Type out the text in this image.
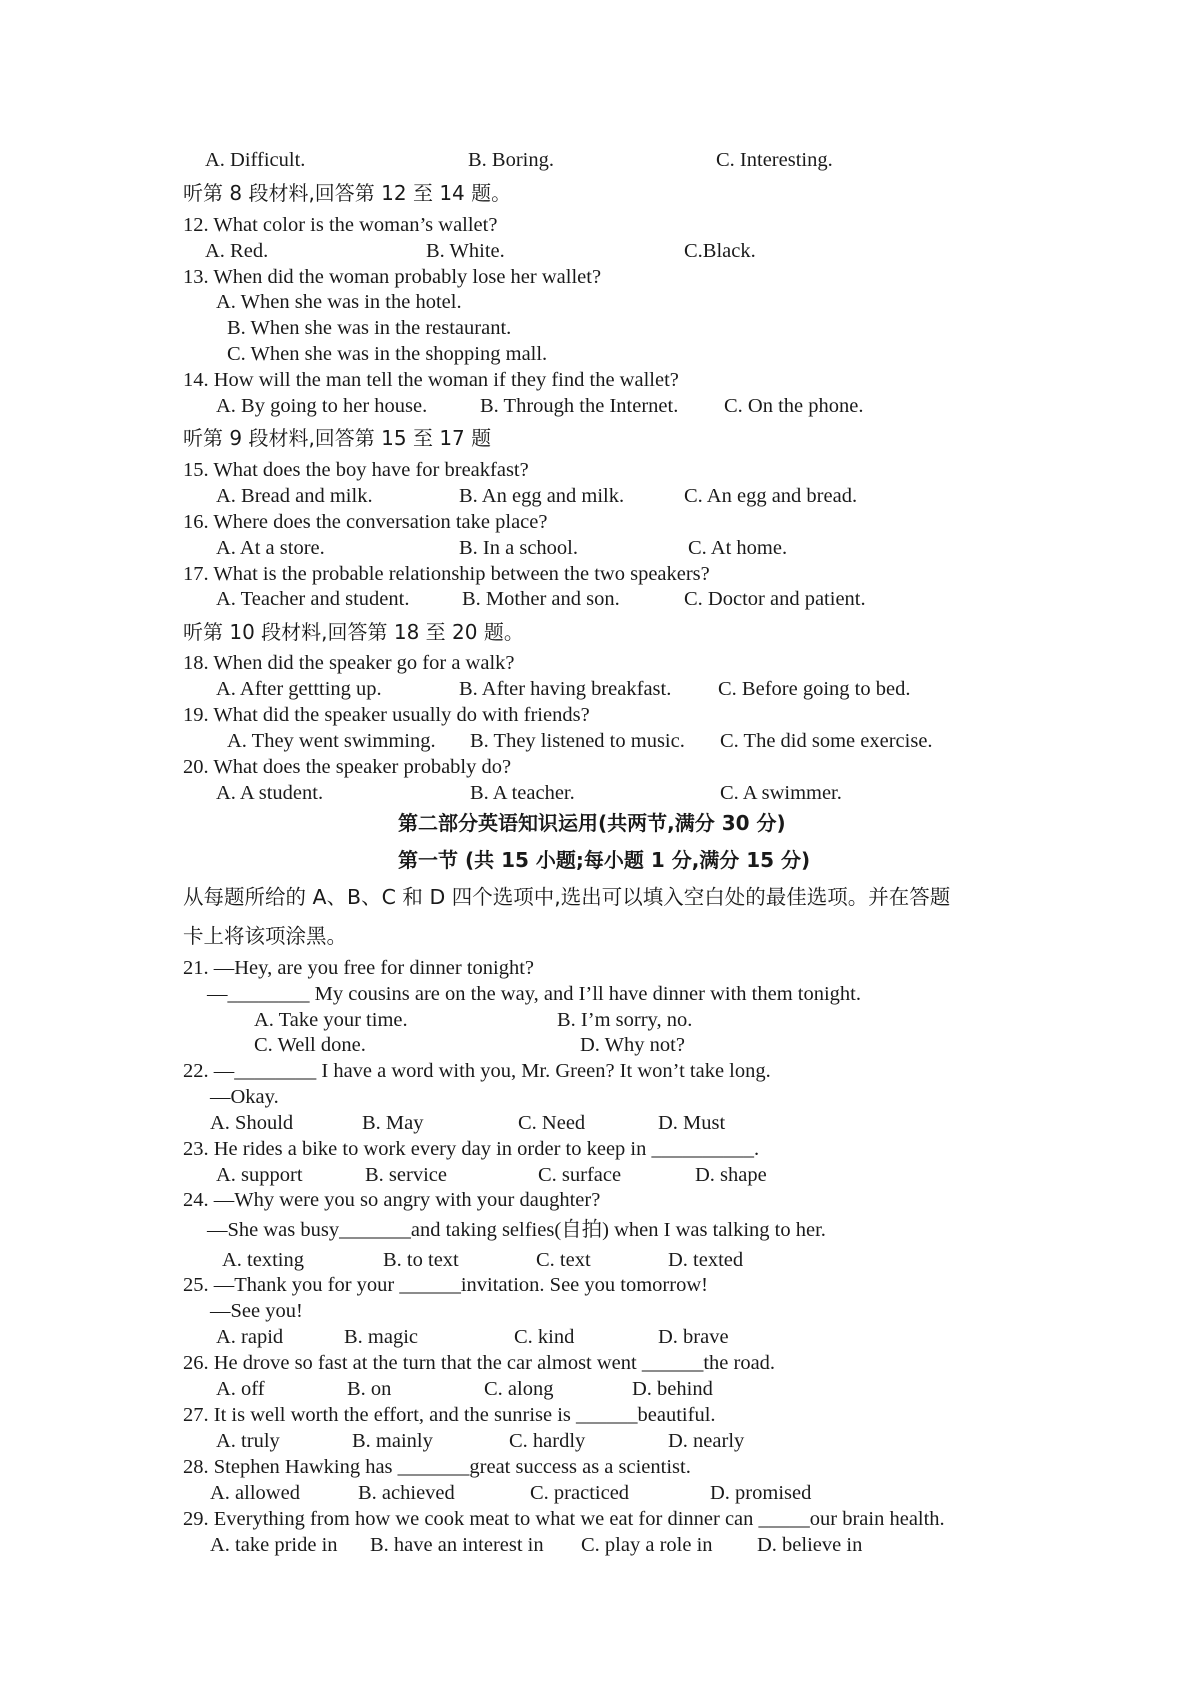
A. Difficult.	B. Boring.	C. Interesting.
听第 8 段材料,回答第 12 至 14 题。
12. What color is the woman’s wallet?
A. Red.	B. White.	C.Black.
13. When did the woman probably lose her wallet?
A. When she was in the hotel.
B. When she was in the restaurant.
C. When she was in the shopping mall.
14. How will the man tell the woman if they find the wallet?
A. By going to her house.	B. Through the Internet. C. On the phone.
听第 9 段材料,回答第 15 至 17 题
15. What does the boy have for breakfast?
A. Bread and milk.	B. An egg and milk.	C. An egg and bread.
16. Where does the conversation take place?
A. At a store.	B. In a school.	C. At home.
17. What is the probable relationship between the two speakers?
A. Teacher and student.	B. Mother and son.	C. Doctor and patient.
听第 10 段材料,回答第 18 至 20 题。
18. When did the speaker go for a walk?
A. After gettting up.	B. After having breakfast. C. Before going to bed.
19. What did the speaker usually do with friends?
A. They went swimming. B. They listened to music. C. The did some exercise.
20. What does the speaker probably do?
A. A student.	B. A teacher.	C. A swimmer.
第二部分英语知识运用(共两节,满分 30 分)
第一节 (共 15 小题;每小题 1 分,满分 15 分)
从每题所给的 A、B、C 和 D 四个选项中,选出可以填入空白处的最佳选项。并在答题
卡上将该项涂黑。
21. —Hey, are you free for dinner tonight?
—________ My cousins are on the way, and I’ll have dinner with them tonight.
A. Take your time.	B. I’m sorry, no.
C. Well done.	D. Why not?
22. —________ I have a word with you, Mr. Green? It won’t take long.
—Okay.
A. Should	B. May	C. Need	D. Must
23. He rides a bike to work every day in order to keep in __________.
A. support	B. service	C. surface	D. shape
24. —Why were you so angry with your daughter?
—She was busy_______and taking selfies(自拍) when I was talking to her.
A. texting	B. to text	C. text	D. texted
25. —Thank you for your ______invitation. See you tomorrow!
—See you!
A. rapid	B. magic	C. kind	D. brave
26. He drove so fast at the turn that the car almost went ______the road.
A. off	B. on	C. along	D. behind
27. It is well worth the effort, and the sunrise is ______beautiful.
A. truly	B. mainly	C. hardly	D. nearly
28. Stephen Hawking has _______great success as a scientist.
A. allowed	B. achieved	C. practiced	D. promised
29. Everything from how we cook meat to what we eat for dinner can _____our brain health.
A. take pride in B. have an interest in C. play a role in D. believe in
